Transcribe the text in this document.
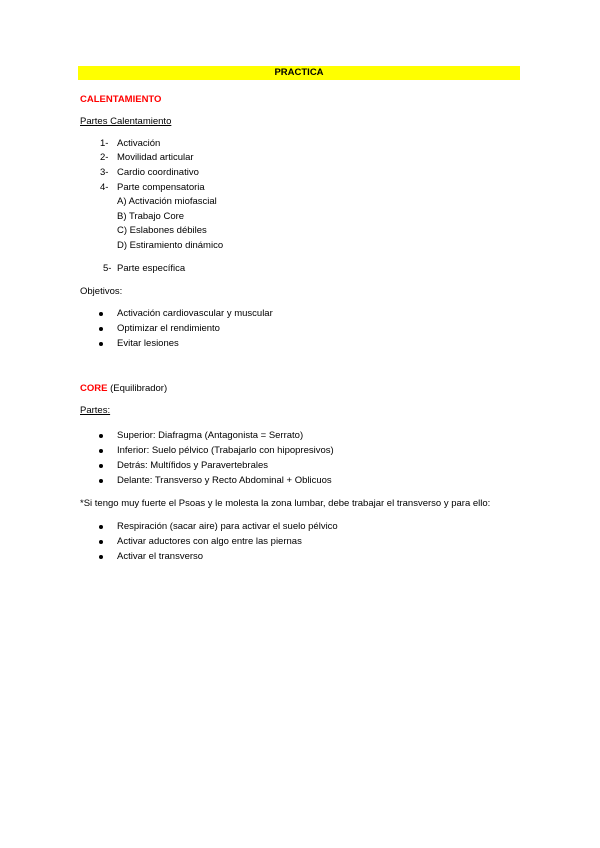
PRACTICA
CALENTAMIENTO
Partes Calentamiento
1- Activación
2- Movilidad articular
3- Cardio coordinativo
4- Parte compensatoria
A) Activación miofascial
B) Trabajo Core
C) Eslabones débiles
D) Estiramiento dinámico
5- Parte específica
Objetivos:
Activación cardiovascular y muscular
Optimizar el rendimiento
Evitar lesiones
CORE (Equilibrador)
Partes:
Superior: Diafragma (Antagonista = Serrato)
Inferior: Suelo pélvico (Trabajarlo con hipopresivos)
Detrás: Multífidos y Paravertebrales
Delante: Transverso y Recto Abdominal + Oblicuos
*Si tengo muy fuerte el Psoas y le molesta la zona lumbar, debe trabajar el transverso y para ello:
Respiración (sacar aire) para activar el suelo pélvico
Activar aductores con algo entre las piernas
Activar el transverso
